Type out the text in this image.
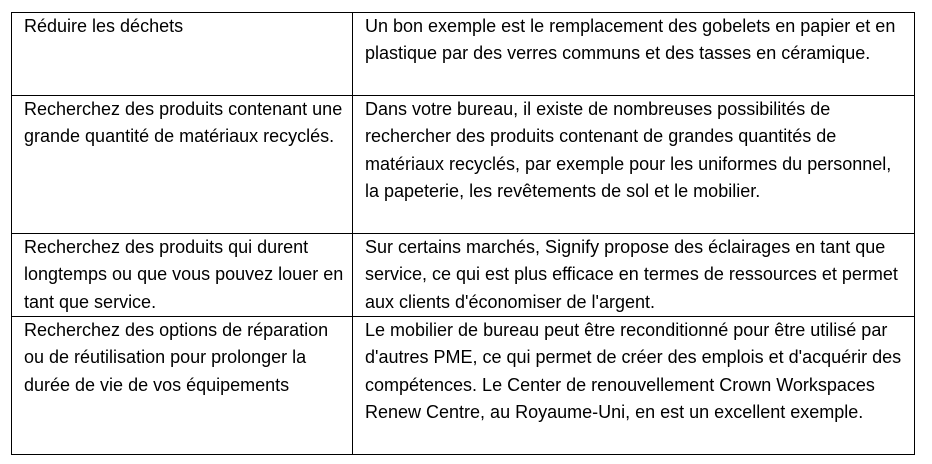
Réduire les déchets	Un bon exemple est le remplacement des gobelets en papier et en plastique par des verres communs et des tasses en céramique.
Recherchez des produits contenant une grande quantité de matériaux recyclés.	Dans votre bureau, il existe de nombreuses possibilités de rechercher des produits contenant de grandes quantités de matériaux recyclés, par exemple pour les uniformes du personnel, la papeterie, les revêtements de sol et le mobilier.
Recherchez des produits qui durent longtemps ou que vous pouvez louer en tant que service.	Sur certains marchés, Signify propose des éclairages en tant que service, ce qui est plus efficace en termes de ressources et permet aux clients d'économiser de l'argent.
Recherchez des options de réparation ou de réutilisation pour prolonger la durée de vie de vos équipements	Le mobilier de bureau peut être reconditionné pour être utilisé par d'autres PME, ce qui permet de créer des emplois et d'acquérir des compétences. Le Center de renouvellement Crown Workspaces Renew Centre, au Royaume-Uni, en est un excellent exemple.
